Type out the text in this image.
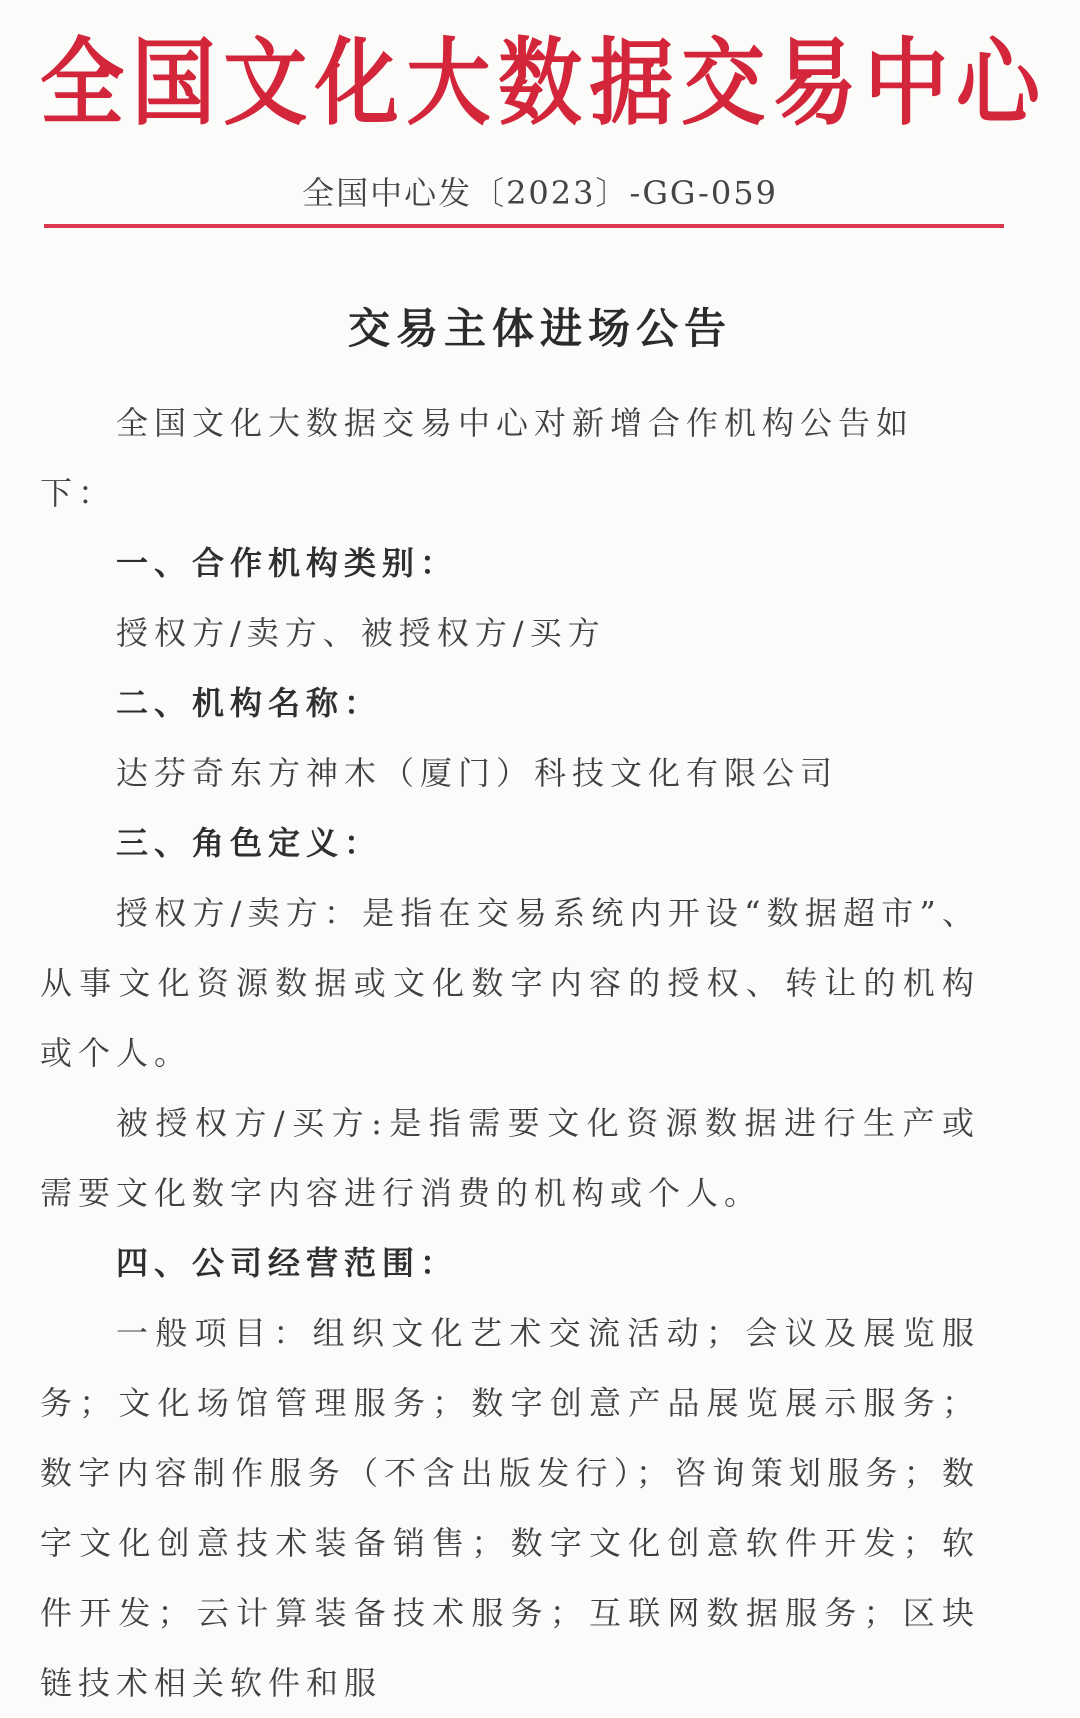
全 国 文 化 大 数 据 交 易 中 心
全国中心发〔2023〕-GG-059
交易主体进场公告

全国文化大数据交易中心对新增合作机构公告如下：

一、合作机构类别：

授权方/卖方、被授权方/买方

二、机构名称：

达芬奇东方神木（厦门）科技文化有限公司

三、角色定义：

授权方/卖方：是指在交易系统内开设“数据超市”、从事文化资源数据或文化数字内容的授权、转让的机构或个人。

被授权方/买方:是指需要文化资源数据进行生产或需要文化数字内容进行消费的机构或个人。

四、公司经营范围：

一般项目：组织文化艺术交流活动；会议及展览服务；文化场馆管理服务；数字创意产品展览展示服务；数字内容制作服务（不含出版发行）；咨询策划服务；数字文化创意技术装备销售；数字文化创意软件开发；软件开发；云计算装备技术服务；互联网数据服务；区块链技术相关软件和服
